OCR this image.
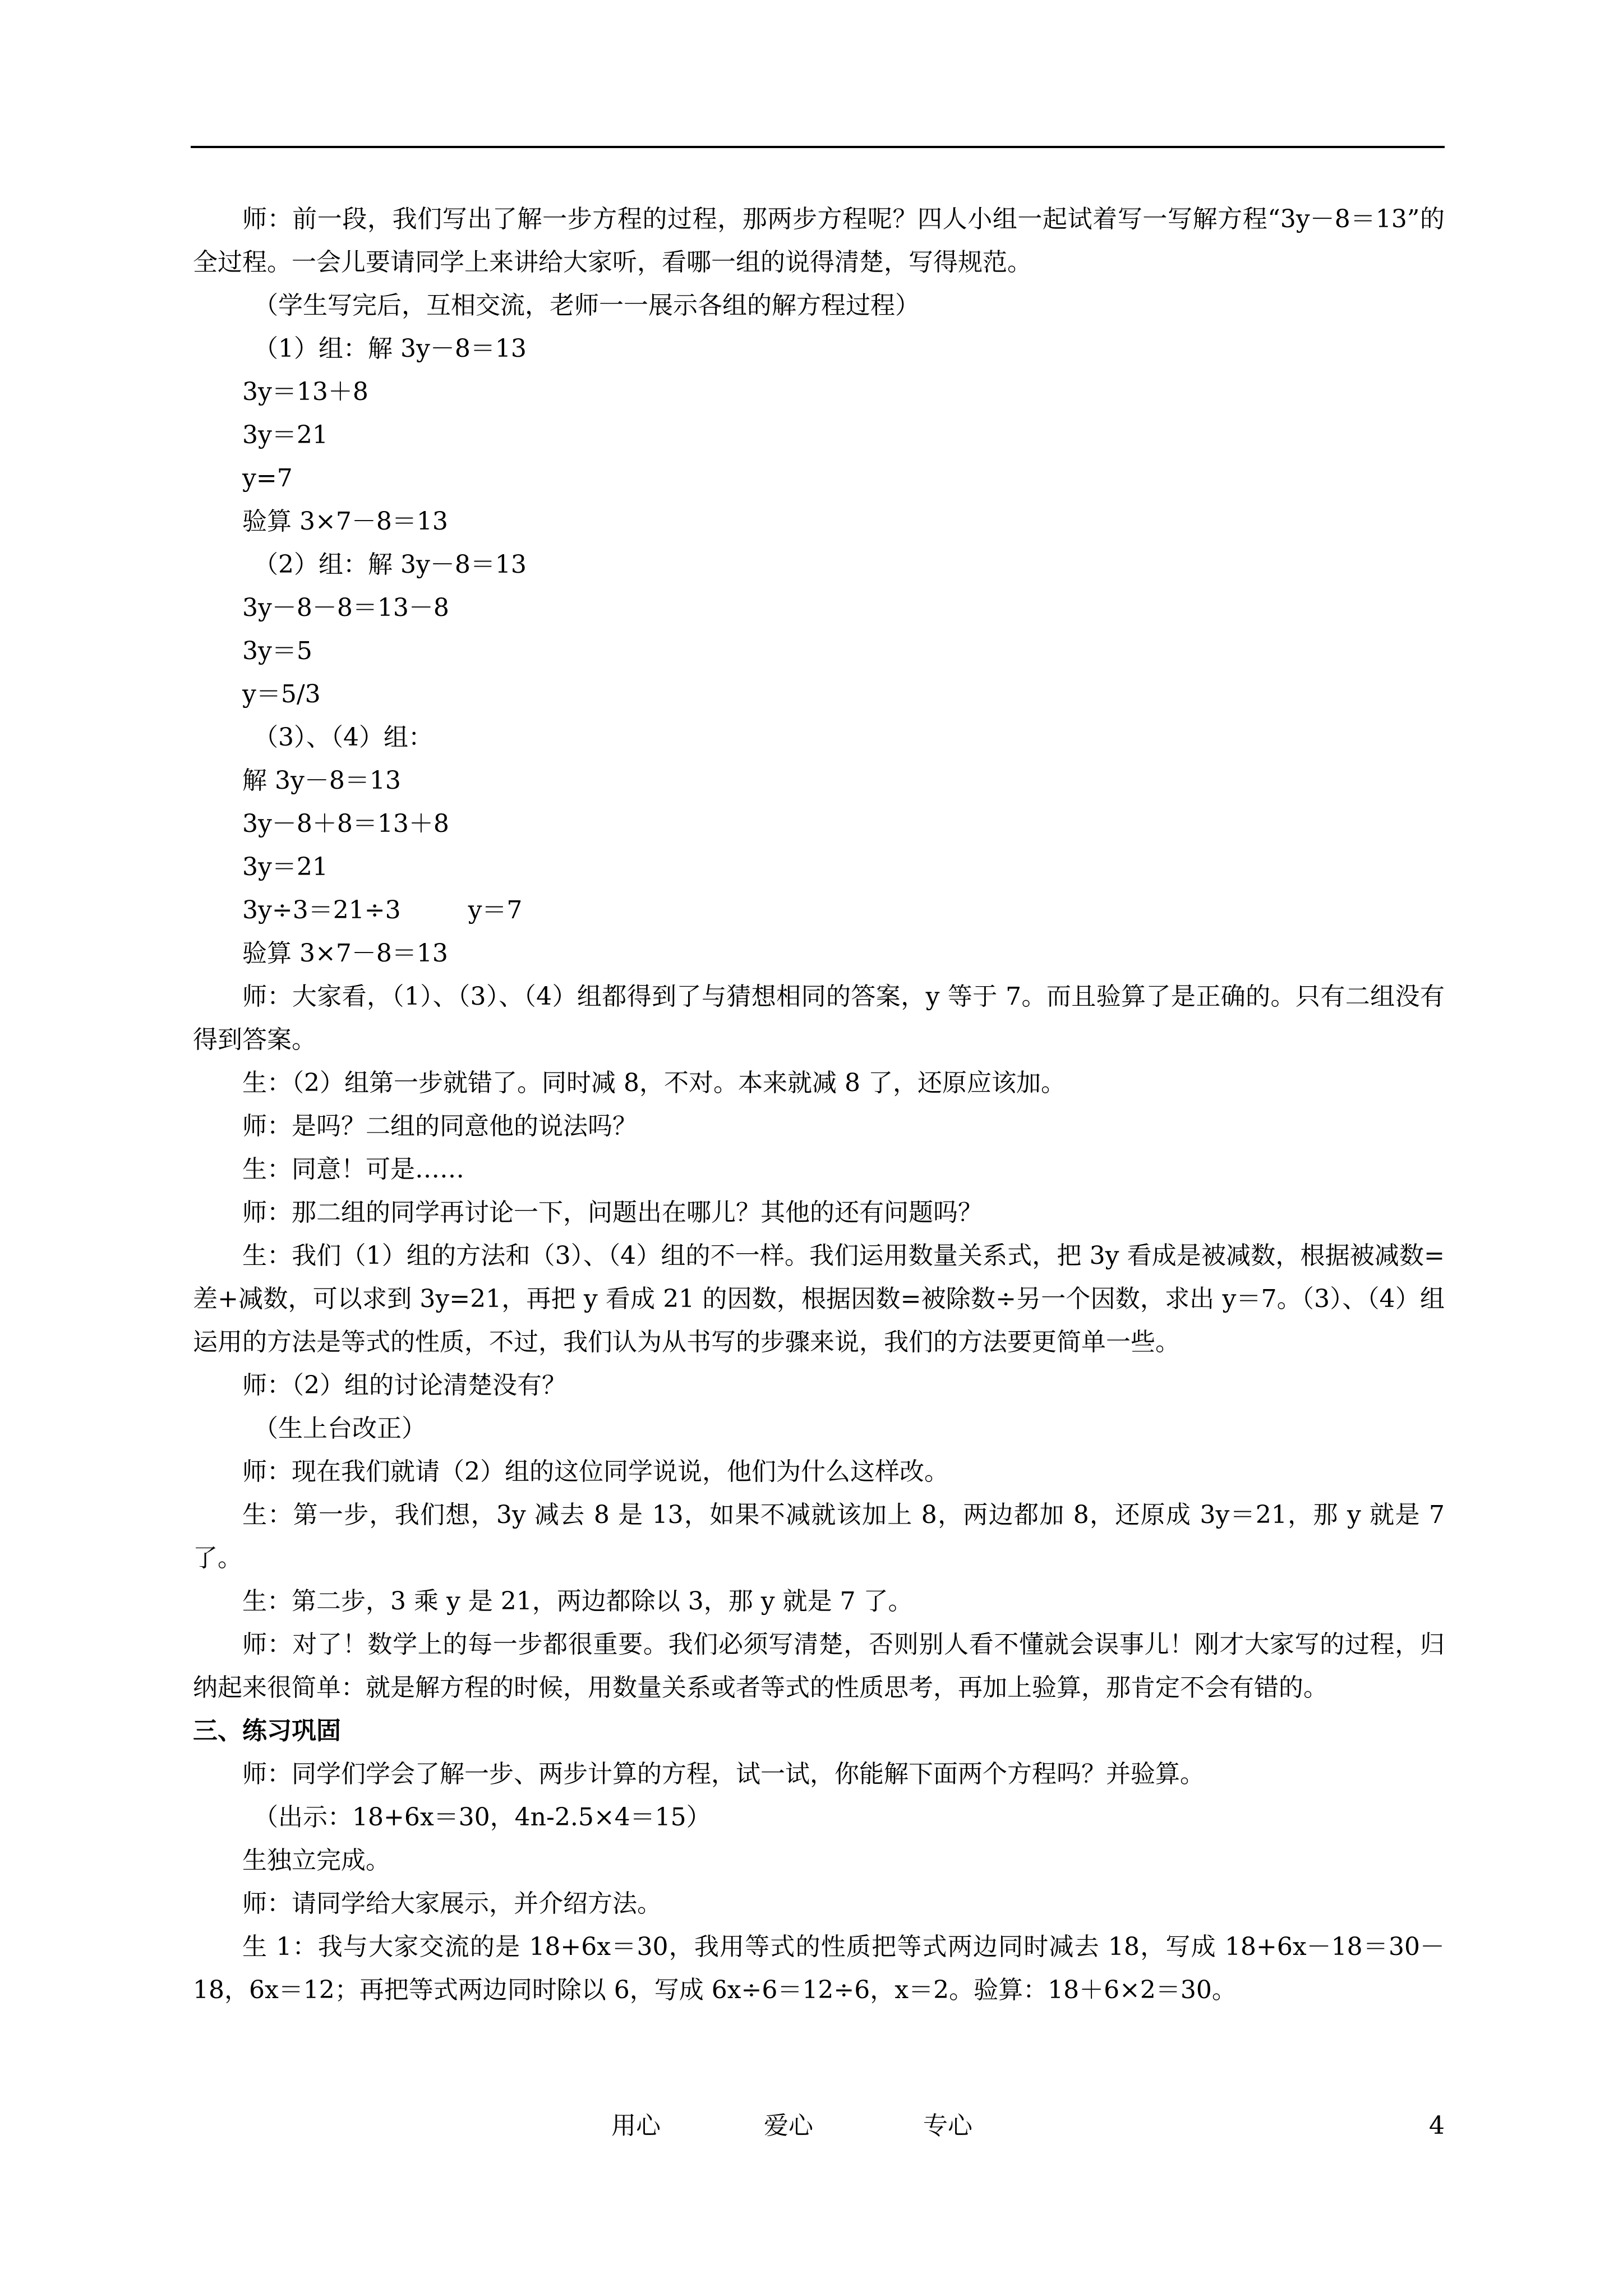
师：前一段，我们写出了解一步方程的过程，那两步方程呢？四人小组一起试着写一写解方程“3y－8＝13”的全过程。一会儿要请同学上来讲给大家听，看哪一组的说得清楚，写得规范。

（学生写完后，互相交流，老师一一展示各组的解方程过程）

（1）组：解 3y－8＝13

3y＝13＋8

3y＝21

y=7

验算 3×7－8＝13

（2）组：解 3y－8＝13

3y－8－8＝13－8

3y＝5

y＝5/3

（3）、（4）组：

解 3y－8＝13

3y－8＋8＝13＋8

3y＝21

3y÷3＝21÷3	y＝7

验算 3×7－8＝13

师：大家看，（1）、（3）、（4）组都得到了与猜想相同的答案，y 等于 7。而且验算了是正确的。只有二组没有得到答案。

生：（2）组第一步就错了。同时减 8，不对。本来就减 8 了，还原应该加。

师：是吗？二组的同意他的说法吗？

生：同意！可是……

师：那二组的同学再讨论一下，问题出在哪儿？其他的还有问题吗？

生：我们（1）组的方法和（3）、（4）组的不一样。我们运用数量关系式，把 3y 看成是被减数，根据被减数=差+减数，可以求到 3y=21，再把 y 看成 21 的因数，根据因数=被除数÷另一个因数，求出 y＝7。（3）、（4）组运用的方法是等式的性质，不过，我们认为从书写的步骤来说，我们的方法要更简单一些。

师：（2）组的讨论清楚没有？

（生上台改正）

师：现在我们就请（2）组的这位同学说说，他们为什么这样改。

生：第一步，我们想，3y 减去 8 是 13，如果不减就该加上 8，两边都加 8，还原成 3y＝21，那 y 就是 7 了。

生：第二步，3 乘 y 是 21，两边都除以 3，那 y 就是 7 了。

师：对了！数学上的每一步都很重要。我们必须写清楚，否则别人看不懂就会误事儿！刚才大家写的过程，归纳起来很简单：就是解方程的时候，用数量关系或者等式的性质思考，再加上验算，那肯定不会有错的。

三、练习巩固

师：同学们学会了解一步、两步计算的方程，试一试，你能解下面两个方程吗？并验算。

（出示：18+6x＝30，4n-2.5×4＝15）

生独立完成。

师：请同学给大家展示，并介绍方法。

生 1：我与大家交流的是 18+6x＝30，我用等式的性质把等式两边同时减去 18，写成 18+6x－18＝30－18，6x＝12；再把等式两边同时除以 6，写成 6x÷6＝12÷6，x＝2。验算：18＋6×2＝30。

用心	爱心	专心	4
